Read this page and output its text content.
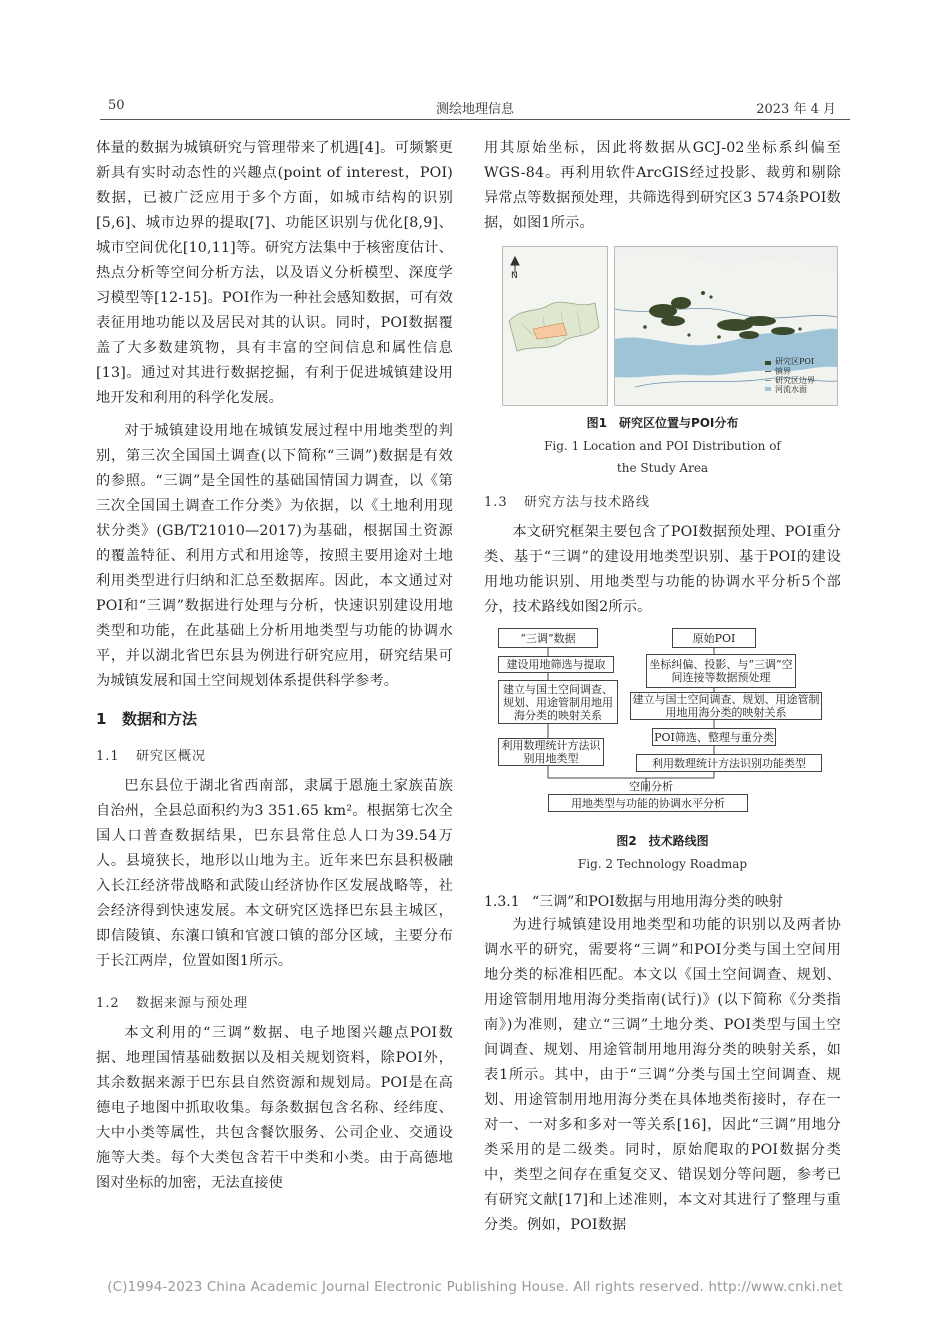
50	测绘地理信息	2023 年 4 月

体量的数据为城镇研究与管理带来了机遇[4]。可频繁更新具有实时动态性的兴趣点(point of interest，POI)数据，已被广泛应用于多个方面，如城市结构的识别[5,6]、城市边界的提取[7]、功能区识别与优化[8,9]、城市空间优化[10,11]等。研究方法集中于核密度估计、热点分析等空间分析方法，以及语义分析模型、深度学习模型等[12-15]。POI作为一种社会感知数据，可有效表征用地功能以及居民对其的认识。同时，POI数据覆盖了大多数建筑物，具有丰富的空间信息和属性信息[13]。通过对其进行数据挖掘，有利于促进城镇建设用地开发和利用的科学化发展。

对于城镇建设用地在城镇发展过程中用地类型的判别，第三次全国国土调查(以下简称“三调”)数据是有效的参照。“三调”是全国性的基础国情国力调查，以《第三次全国国土调查工作分类》为依据，以《土地利用现状分类》(GB/T21010—2017)为基础，根据国土资源的覆盖特征、利用方式和用途等，按照主要用途对土地利用类型进行归纳和汇总至数据库。因此，本文通过对POI和“三调”数据进行处理与分析，快速识别建设用地类型和功能，在此基础上分析用地类型与功能的协调水平，并以湖北省巴东县为例进行研究应用，研究结果可为城镇发展和国土空间规划体系提供科学参考。

1 数据和方法
1.1 研究区概况

巴东县位于湖北省西南部，隶属于恩施土家族苗族自治州，全县总面积约为3 351.65 km²。根据第七次全国人口普查数据结果，巴东县常住总人口为39.54万人。县境狭长，地形以山地为主。近年来巴东县积极融入长江经济带战略和武陵山经济协作区发展战略等，社会经济得到快速发展。本文研究区选择巴东县主城区，即信陵镇、东瀼口镇和官渡口镇的部分区域，主要分布于长江两岸，位置如图1所示。

1.2 数据来源与预处理

本文利用的“三调”数据、电子地图兴趣点POI数据、地理国情基础数据以及相关规划资料，除POI外，其余数据来源于巴东县自然资源和规划局。POI是在高德电子地图中抓取收集。每条数据包含名称、经纬度、大中小类等属性，共包含餐饮服务、公司企业、交通设施等大类。每个大类包含若干中类和小类。由于高德地图对坐标的加密，无法直接使

用其原始坐标，因此将数据从GCJ-02坐标系纠偏至WGS-84。再利用软件ArcGIS经过投影、裁剪和剔除异常点等数据预处理，共筛选得到研究区3 574条POI数据，如图1所示。

N
研究区POI
镇界
研究区边界
河流水面
图1 研究区位置与POI分布
Fig. 1 Location and POI Distribution of
the Study Area
1.3 研究方法与技术路线

本文研究框架主要包含了POI数据预处理、POI重分类、基于“三调”的建设用地类型识别、基于POI的建设用地功能识别、用地类型与功能的协调水平分析5个部分，技术路线如图2所示。

“三调”数据
建设用地筛选与提取
建立与国土空间调查、规划、用途管制用地用海分类的映射关系
利用数理统计方法识别用地类型
原始POI
坐标纠偏、投影、与“三调”空间连接等数据预处理
建立与国土空间调查、规划、用途管制用地用海分类的映射关系
POI筛选、整理与重分类
利用数理统计方法识别功能类型
空间分析
用地类型与功能的协调水平分析
图2 技术路线图
Fig. 2 Technology Roadmap
1.3.1 “三调”和POI数据与用地用海分类的映射

为进行城镇建设用地类型和功能的识别以及两者协调水平的研究，需要将“三调”和POI分类与国土空间用地分类的标准相匹配。本文以《国土空间调查、规划、用途管制用地用海分类指南(试行)》(以下简称《分类指南》)为准则，建立“三调”土地分类、POI类型与国土空间调查、规划、用途管制用地用海分类的映射关系，如表1所示。其中，由于“三调”分类与国土空间调查、规划、用途管制用地用海分类在具体地类衔接时，存在一对一、一对多和多对一等关系[16]，因此“三调”用地分类采用的是二级类。同时，原始爬取的POI数据分类中，类型之间存在重复交叉、错误划分等问题，参考已有研究文献[17]和上述准则，本文对其进行了整理与重分类。例如，POI数据

(C)1994-2023 China Academic Journal Electronic Publishing House. All rights reserved. http://www.cnki.net
